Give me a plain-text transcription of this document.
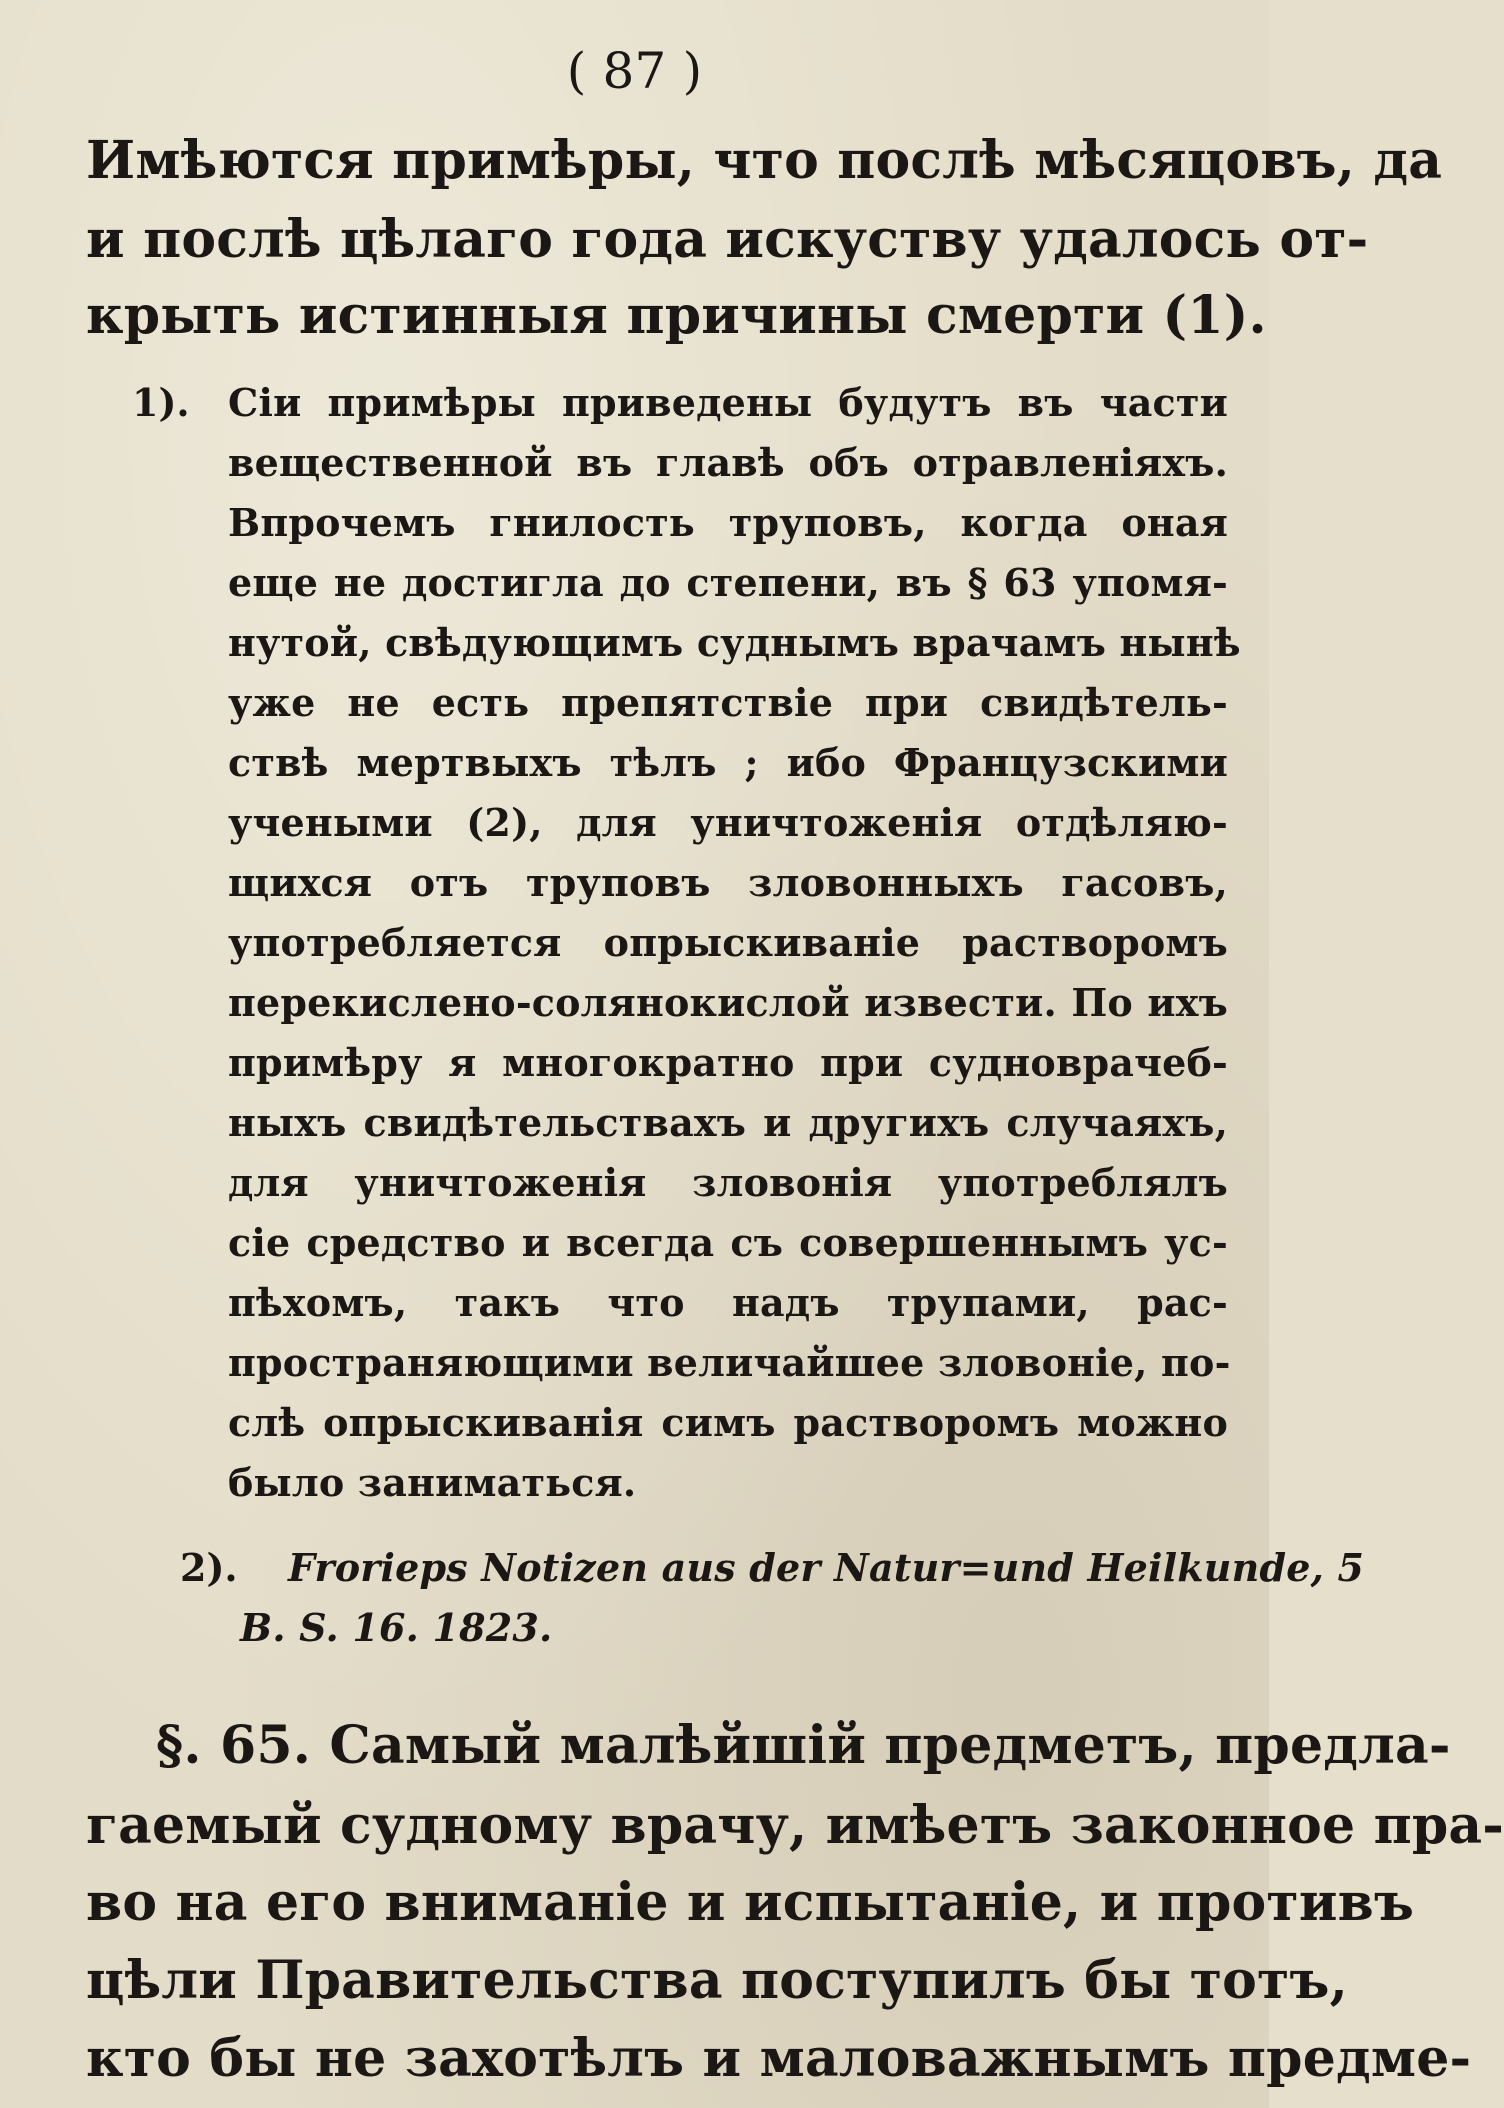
( 87 )
Имѣются примѣры, что послѣ мѣсяцовъ, да
и послѣ цѣлаго года искуству удалось от-
крыть истинныя причины смерти (1).
1). Сіи примѣры приведены будутъ въ части
вещественной въ главѣ объ отравленіяхъ.
Впрочемъ гнилость труповъ, когда оная
еще не достигла до степени, въ § 63 упомя-
нутой, свѣдующимъ суднымъ врачамъ нынѣ
уже не есть препятствіе при свидѣтель-
ствѣ мертвыхъ тѣлъ ; ибо Французскими
учеными (2), для уничтоженія отдѣляю-
щихся отъ труповъ зловонныхъ гасовъ,
употребляется опрыскиваніе растворомъ
перекислено-солянокислой извести. По ихъ
примѣру я многократно при судноврачеб-
ныхъ свидѣтельствахъ и другихъ случаяхъ,
для уничтоженія зловонія употреблялъ
сіе средство и всегда съ совершеннымъ ус-
пѣхомъ, такъ что надъ трупами, рас-
пространяющими величайшее зловоніе, по-
слѣ опрыскиванія симъ растворомъ можно
было заниматься.
2). Frorieps Notizen aus der Natur=und Heilkunde, 5
B. S. 16. 1823.
§. 65. Самый малѣйшій предметъ, предла-
гаемый судному врачу, имѣетъ законное пра-
во на его вниманіе и испытаніе, и противъ
цѣли Правительства поступилъ бы тотъ,
кто бы не захотѣлъ и маловажнымъ предме-
